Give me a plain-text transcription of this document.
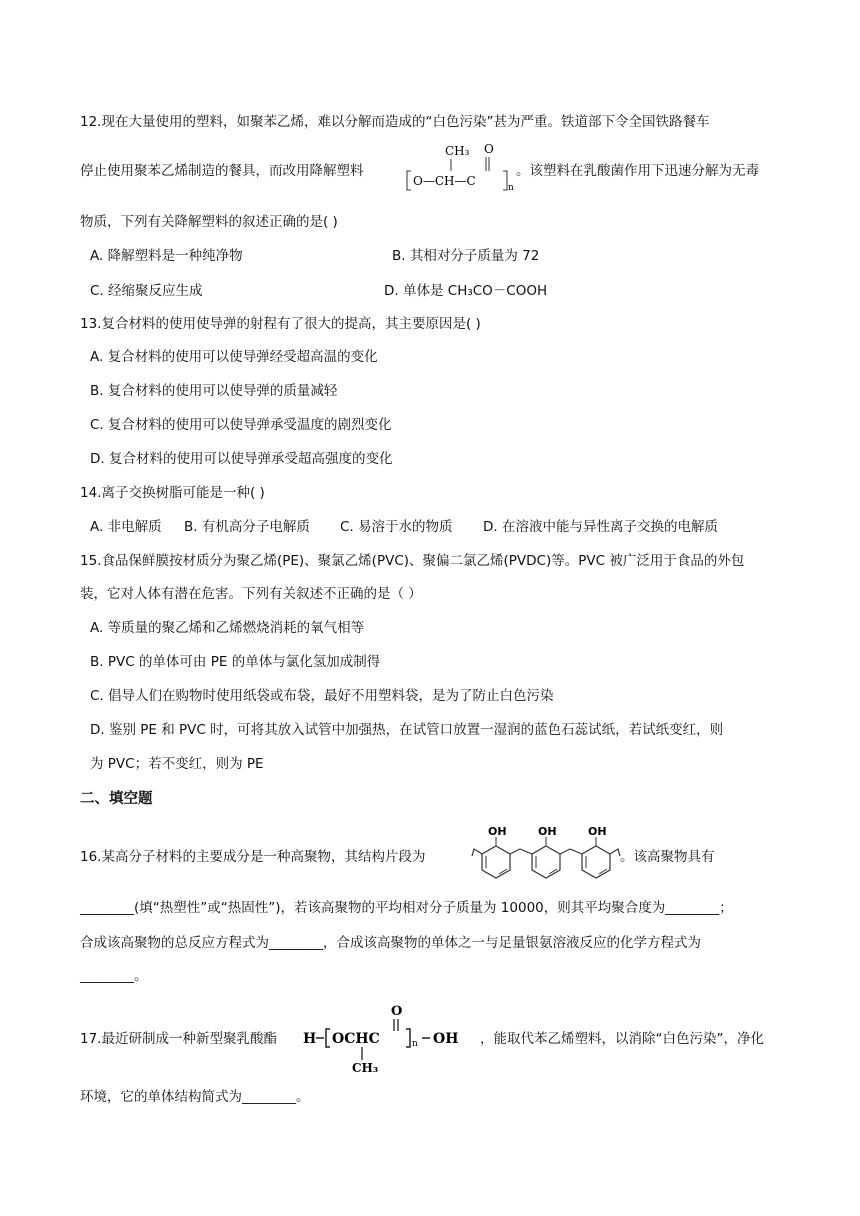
12.现在大量使用的塑料，如聚苯乙烯，难以分解而造成的“白色污染”甚为严重。铁道部下令全国铁路餐车
停止使用聚苯乙烯制造的餐具，而改用降解塑料
CH₃ O
O—CH—C	n
。该塑料在乳酸菌作用下迅速分解为无毒
物质，下列有关降解塑料的叙述正确的是( )
A. 降解塑料是一种纯净物	B. 其相对分子质量为 72
C. 经缩聚反应生成	D. 单体是 CH₃CO－COOH
13.复合材料的使用使导弹的射程有了很大的提高，其主要原因是( )
A. 复合材料的使用可以使导弹经受超高温的变化
B. 复合材料的使用可以使导弹的质量减轻
C. 复合材料的使用可以使导弹承受温度的剧烈变化
D. 复合材料的使用可以使导弹承受超高强度的变化
14.离子交换树脂可能是一种( )
A. 非电解质 B. 有机高分子电解质 C. 易溶于水的物质 D. 在溶液中能与异性离子交换的电解质
15.食品保鲜膜按材质分为聚乙烯(PE)、聚氯乙烯(PVC)、聚偏二氯乙烯(PVDC)等。PVC 被广泛用于食品的外包
装，它对人体有潜在危害。下列有关叙述不正确的是（ ）
A. 等质量的聚乙烯和乙烯燃烧消耗的氧气相等
B. PVC 的单体可由 PE 的单体与氯化氢加成制得
C. 倡导人们在购物时使用纸袋或布袋，最好不用塑料袋，是为了防止白色污染
D. 鉴别 PE 和 PVC 时，可将其放入试管中加强热，在试管口放置一湿润的蓝色石蕊试纸，若试纸变红，则
为 PVC；若不变红，则为 PE
二、填空题
16.某高分子材料的主要成分是一种高聚物，其结构片段为
OH	OH	OH
。该高聚物具有
________(填“热塑性”或“热固性”)，若该高聚物的平均相对分子质量为 10000，则其平均聚合度为________；
合成该高聚物的总反应方程式为________，合成该高聚物的单体之一与足量银氨溶液反应的化学方程式为
________。
17.最近研制成一种新型聚乳酸酯
O
H OCHC	n OH
CH₃
，能取代苯乙烯塑料，以消除“白色污染”，净化
环境，它的单体结构简式为________。
